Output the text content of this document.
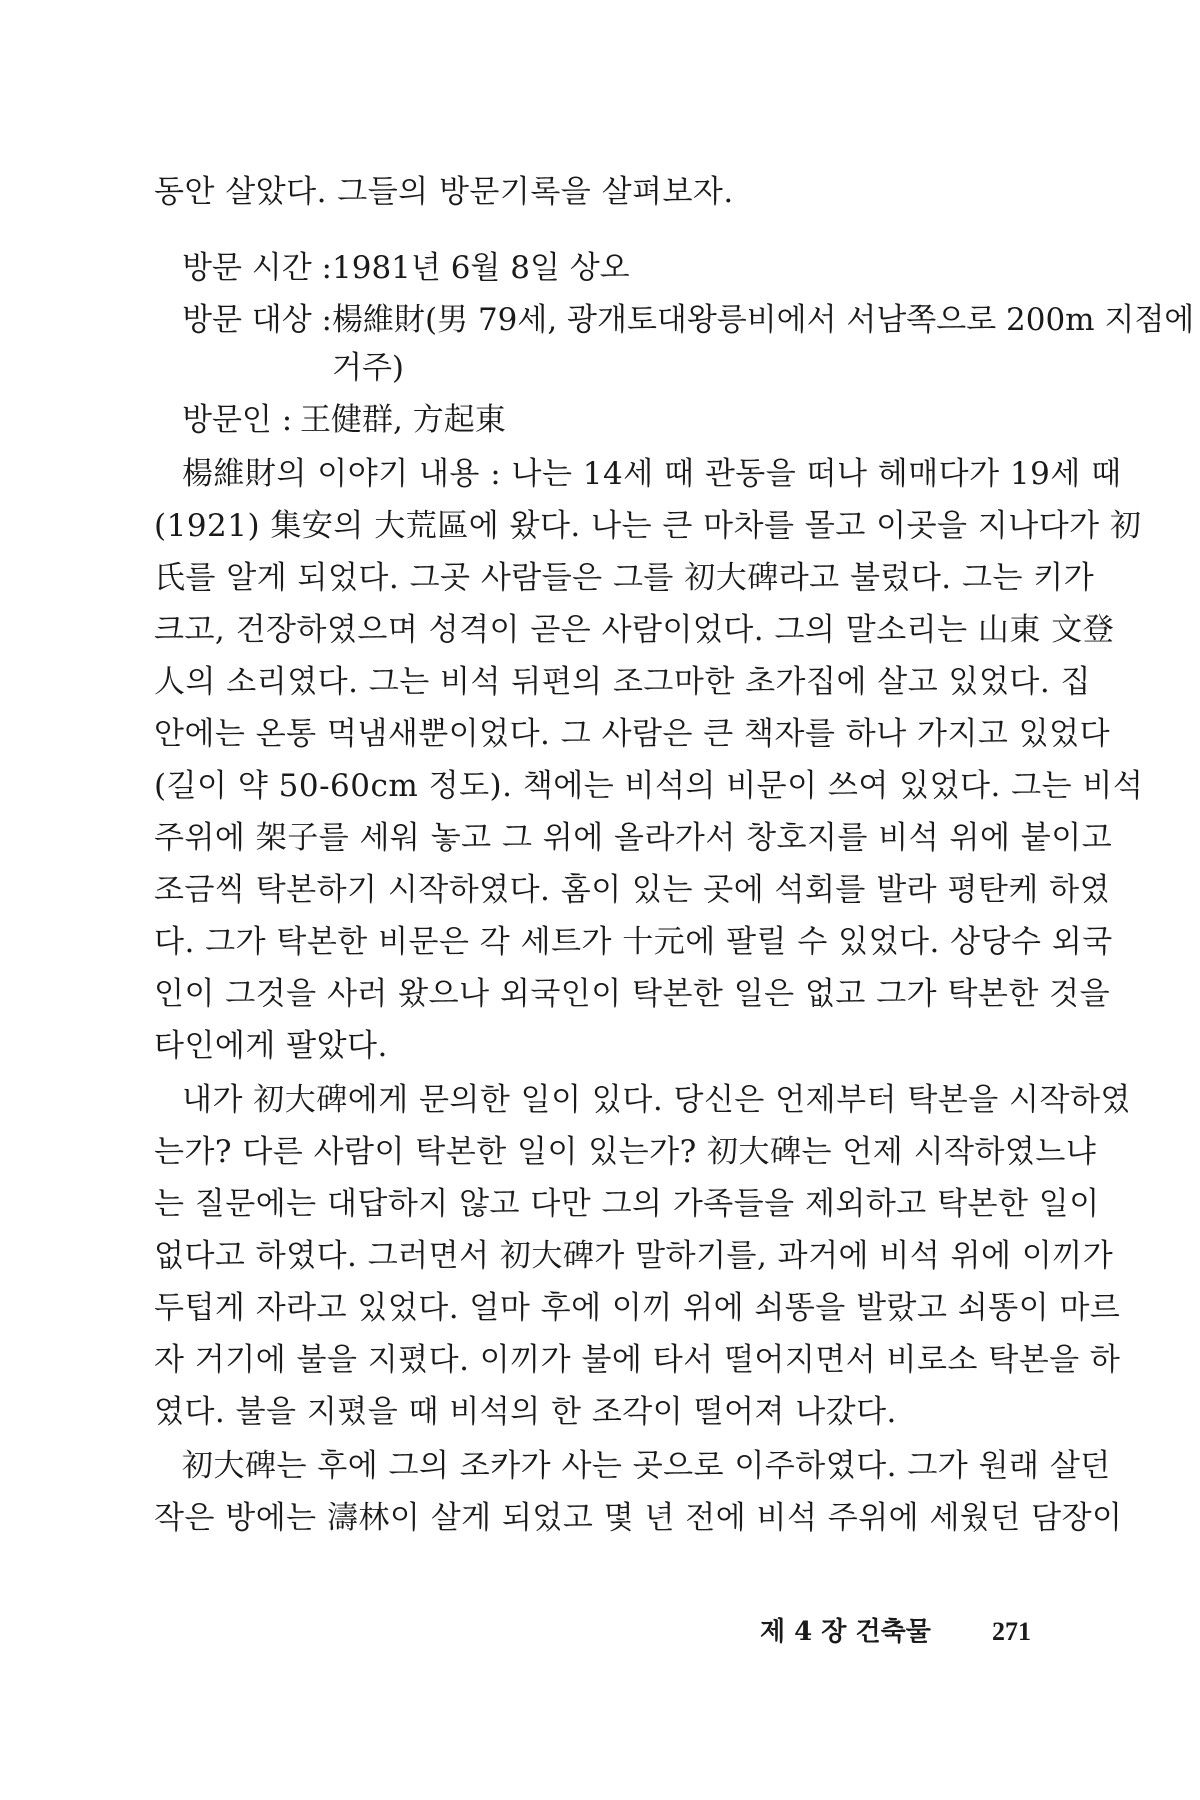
동안 살았다. 그들의 방문기록을 살펴보자.
방문 시간 : 1981년 6월 8일 상오
방문 대상 : 楊維財(男 79세, 광개토대왕릉비에서 서남쪽으로 200m 지점에
거주)
방문인 : 王健群, 方起東
楊維財의 이야기 내용 : 나는 14세 때 관동을 떠나 헤매다가 19세 때
(1921) 集安의 大荒區에 왔다. 나는 큰 마차를 몰고 이곳을 지나다가 初
氏를 알게 되었다. 그곳 사람들은 그를 初大碑라고 불렀다. 그는 키가
크고, 건장하였으며 성격이 곧은 사람이었다. 그의 말소리는 山東 文登
人의 소리였다. 그는 비석 뒤편의 조그마한 초가집에 살고 있었다. 집
안에는 온통 먹냄새뿐이었다. 그 사람은 큰 책자를 하나 가지고 있었다
(길이 약 50-60cm 정도). 책에는 비석의 비문이 쓰여 있었다. 그는 비석
주위에 架子를 세워 놓고 그 위에 올라가서 창호지를 비석 위에 붙이고
조금씩 탁본하기 시작하였다. 홈이 있는 곳에 석회를 발라 평탄케 하였
다. 그가 탁본한 비문은 각 세트가 十元에 팔릴 수 있었다. 상당수 외국
인이 그것을 사러 왔으나 외국인이 탁본한 일은 없고 그가 탁본한 것을
타인에게 팔았다.
내가 初大碑에게 문의한 일이 있다. 당신은 언제부터 탁본을 시작하였
는가? 다른 사람이 탁본한 일이 있는가? 初大碑는 언제 시작하였느냐
는 질문에는 대답하지 않고 다만 그의 가족들을 제외하고 탁본한 일이
없다고 하였다. 그러면서 初大碑가 말하기를, 과거에 비석 위에 이끼가
두텁게 자라고 있었다. 얼마 후에 이끼 위에 쇠똥을 발랐고 쇠똥이 마르
자 거기에 불을 지폈다. 이끼가 불에 타서 떨어지면서 비로소 탁본을 하
였다. 불을 지폈을 때 비석의 한 조각이 떨어져 나갔다.
初大碑는 후에 그의 조카가 사는 곳으로 이주하였다. 그가 원래 살던
작은 방에는 濤林이 살게 되었고 몇 년 전에 비석 주위에 세웠던 담장이
제 4 장 건축물 271
